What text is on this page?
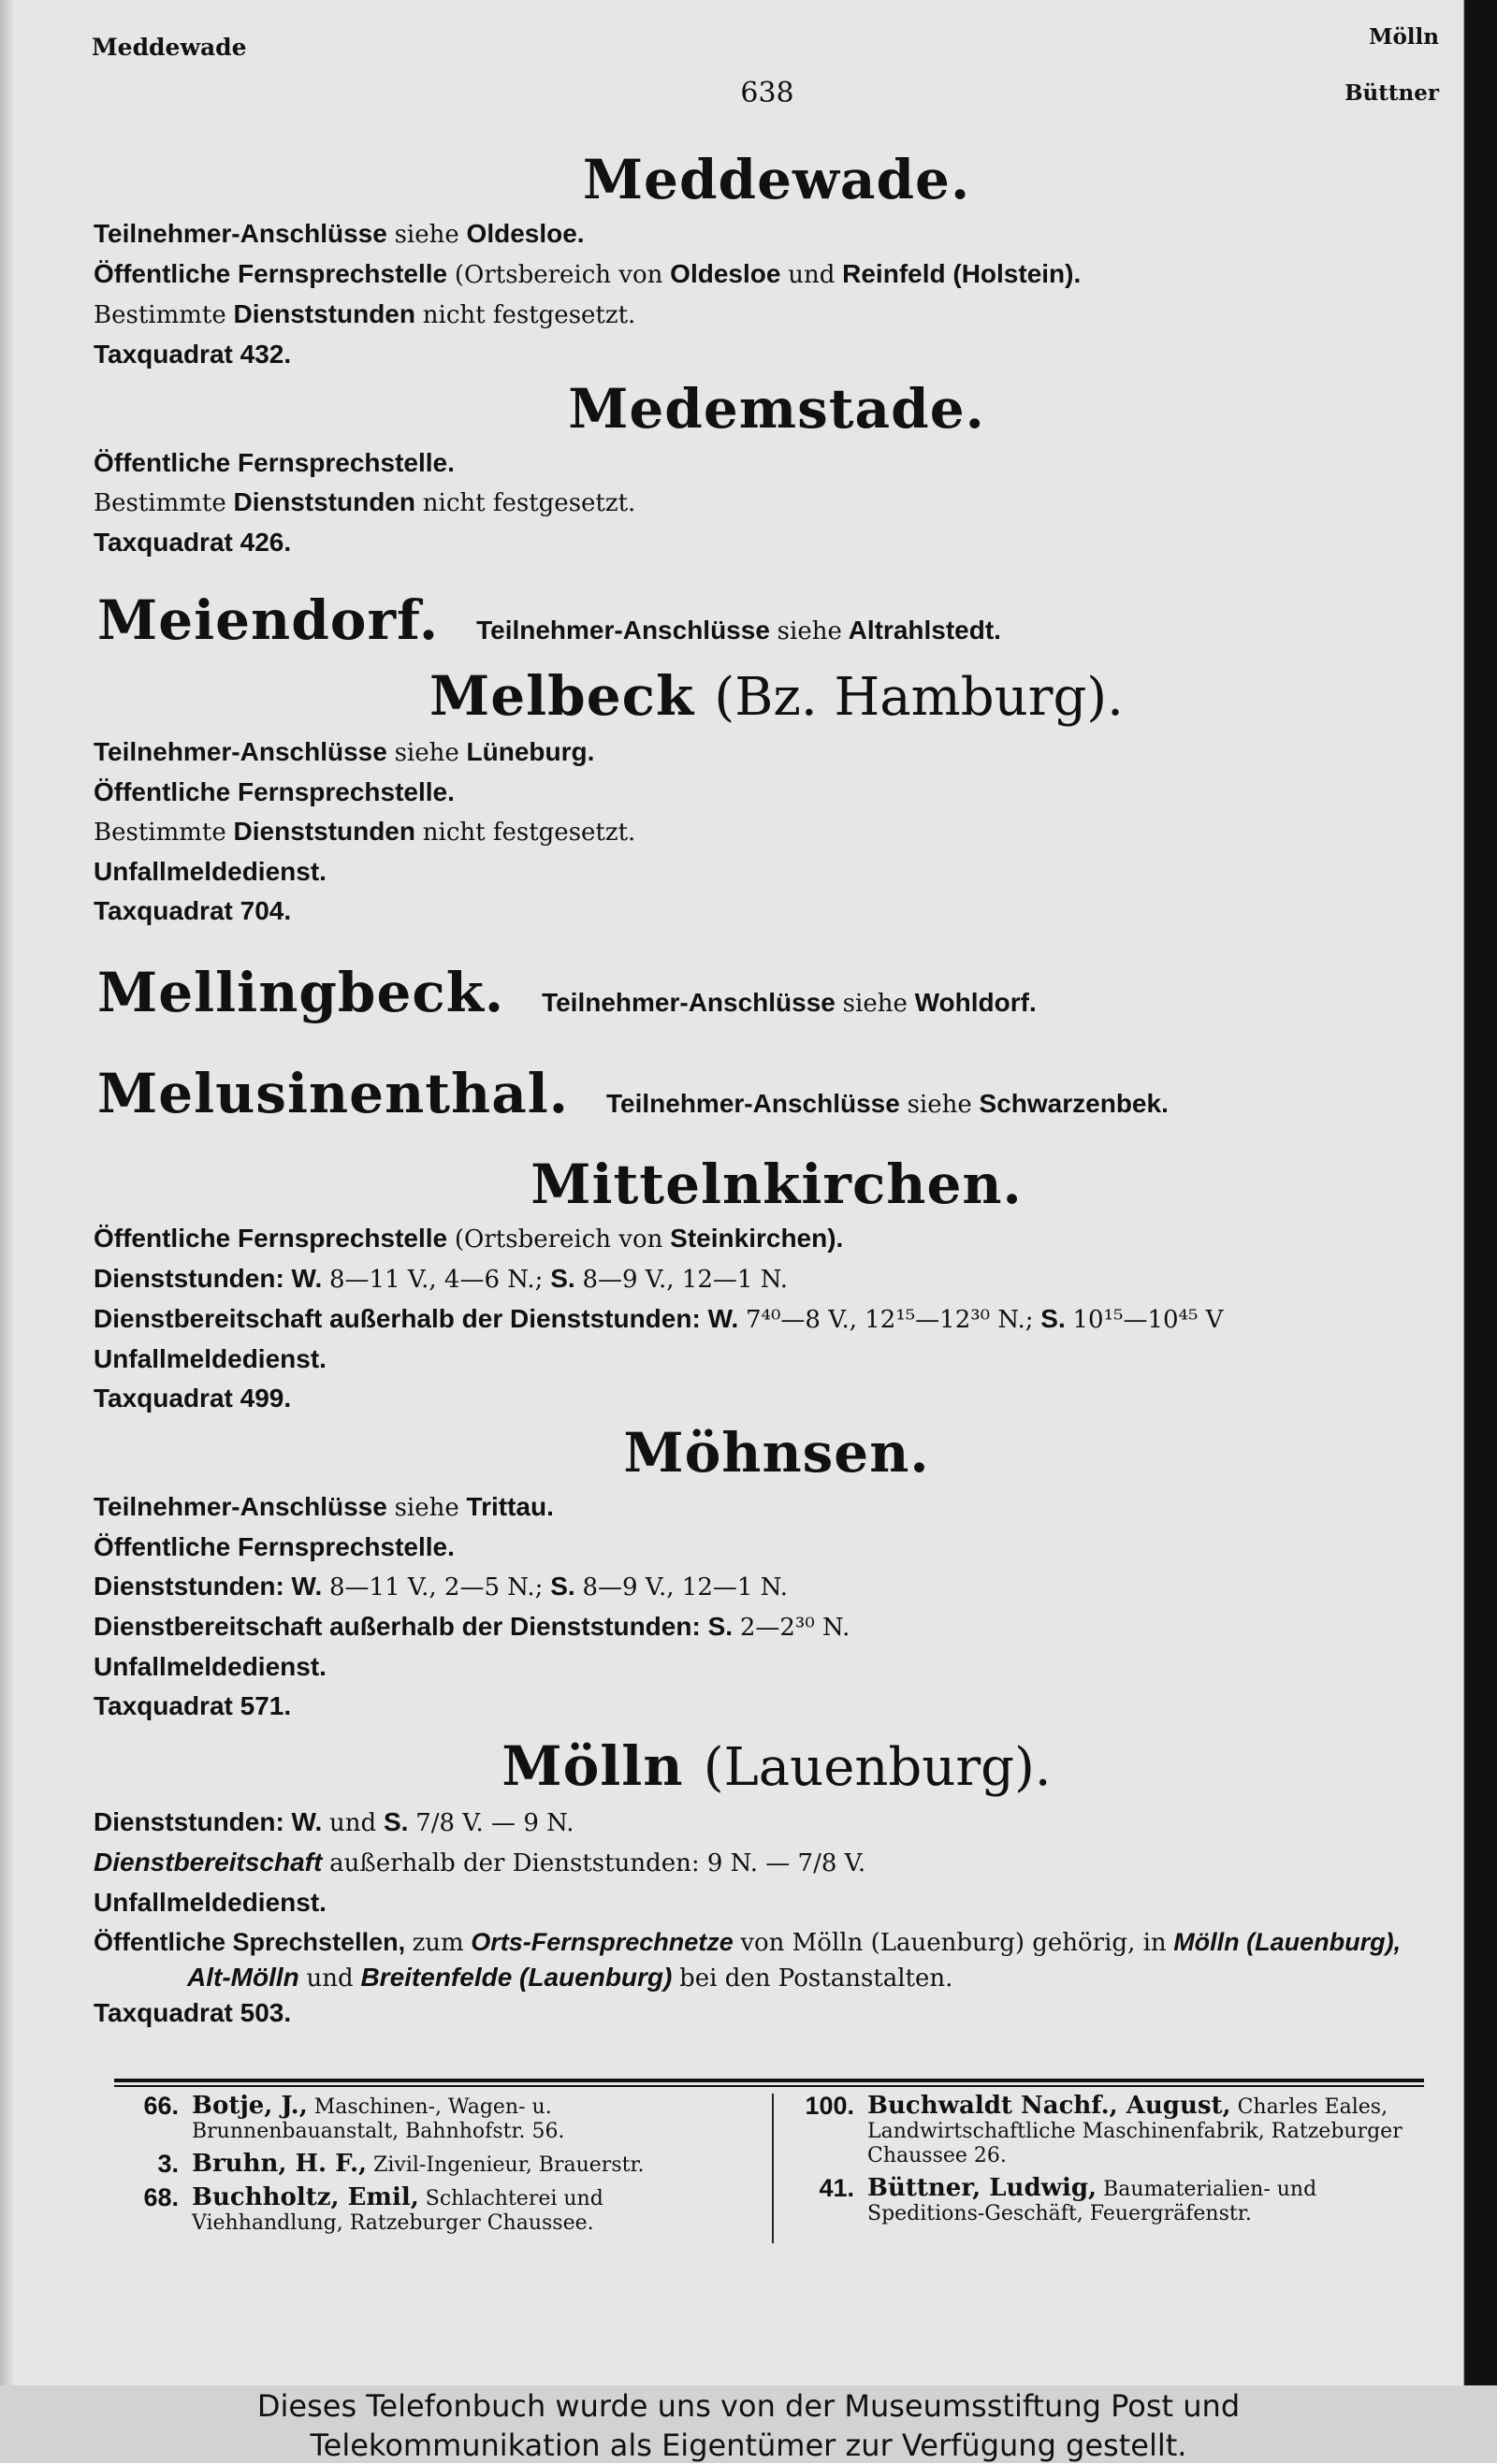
Meddewade
638
Mölln
Büttner
Meddewade.
Teilnehmer-Anschlüsse siehe Oldesloe.
Öffentliche Fernsprechstelle (Ortsbereich von Oldesloe und Reinfeld (Holstein).
Bestimmte Dienststunden nicht festgesetzt.
Taxquadrat 432.
Medemstade.
Öffentliche Fernsprechstelle.
Bestimmte Dienststunden nicht festgesetzt.
Taxquadrat 426.
Meiendorf. Teilnehmer-Anschlüsse siehe Altrahlstedt.
Melbeck (Bz. Hamburg).
Teilnehmer-Anschlüsse siehe Lüneburg.
Öffentliche Fernsprechstelle.
Bestimmte Dienststunden nicht festgesetzt.
Unfallmeldedienst.
Taxquadrat 704.
Mellingbeck. Teilnehmer-Anschlüsse siehe Wohldorf.
Melusinenthal. Teilnehmer-Anschlüsse siehe Schwarzenbek.
Mittelnkirchen.
Öffentliche Fernsprechstelle (Ortsbereich von Steinkirchen).
Dienststunden: W. 8—11 V., 4—6 N.; S. 8—9 V., 12—1 N.
Dienstbereitschaft außerhalb der Dienststunden: W. 7⁴⁰—8 V., 12¹⁵—12³⁰ N.; S. 10¹⁵—10⁴⁵ V
Unfallmeldedienst.
Taxquadrat 499.
Möhnsen.
Teilnehmer-Anschlüsse siehe Trittau.
Öffentliche Fernsprechstelle.
Dienststunden: W. 8—11 V., 2—5 N.; S. 8—9 V., 12—1 N.
Dienstbereitschaft außerhalb der Dienststunden: S. 2—2³⁰ N.
Unfallmeldedienst.
Taxquadrat 571.
Mölln (Lauenburg).
Dienststunden: W. und S. 7/8 V. — 9 N.
Dienstbereitschaft außerhalb der Dienststunden: 9 N. — 7/8 V.
Unfallmeldedienst.
Öffentliche Sprechstellen, zum Orts-Fernsprechnetze von Mölln (Lauenburg) gehörig, in Mölln (Lauenburg),
Alt-Mölln und Breitenfelde (Lauenburg) bei den Postanstalten.
Taxquadrat 503.
66. Botje, J., Maschinen-, Wagen- u. Brunnenbauanstalt, Bahnhofstr. 56.
3. Bruhn, H. F., Zivil-Ingenieur, Brauerstr.
68. Buchholtz, Emil, Schlachterei und Viehhandlung, Ratzeburger Chaussee.
100. Buchwaldt Nachf., August, Charles Eales, Landwirtschaftliche Maschinenfabrik, Ratzeburger Chaussee 26.
41. Büttner, Ludwig, Baumaterialien- und Speditions-Geschäft, Feuergräfenstr.
Dieses Telefonbuch wurde uns von der Museumsstiftung Post und
Telekommunikation als Eigentümer zur Verfügung gestellt.
